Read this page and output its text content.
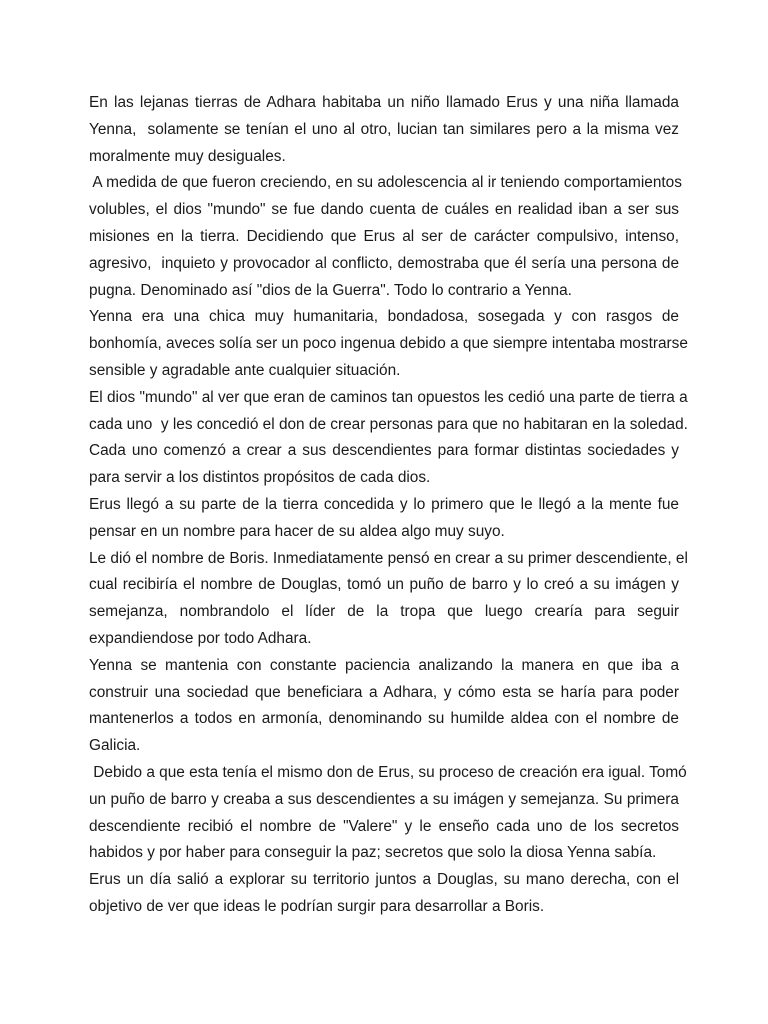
En las lejanas tierras de Adhara habitaba un niño llamado Erus y una niña llamada
Yenna,  solamente se tenían el uno al otro, lucian tan similares pero a la misma vez
moralmente muy desiguales.
A medida de que fueron creciendo, en su adolescencia al ir teniendo comportamientos
volubles, el dios "mundo" se fue dando cuenta de cuáles en realidad iban a ser sus
misiones en la tierra. Decidiendo que Erus al ser de carácter compulsivo, intenso,
agresivo,  inquieto y provocador al conflicto, demostraba que él sería una persona de
pugna. Denominado así "dios de la Guerra". Todo lo contrario a Yenna.
Yenna era una chica muy humanitaria, bondadosa, sosegada y con rasgos de
bonhomía, aveces solía ser un poco ingenua debido a que siempre intentaba mostrarse
sensible y agradable ante cualquier situación.
El dios "mundo" al ver que eran de caminos tan opuestos les cedió una parte de tierra a
cada uno  y les concedió el don de crear personas para que no habitaran en la soledad.
Cada uno comenzó a crear a sus descendientes para formar distintas sociedades y
para servir a los distintos propósitos de cada dios.
Erus llegó a su parte de la tierra concedida y lo primero que le llegó a la mente fue
pensar en un nombre para hacer de su aldea algo muy suyo.
Le dió el nombre de Boris. Inmediatamente pensó en crear a su primer descendiente, el
cual recibiría el nombre de Douglas, tomó un puño de barro y lo creó a su imágen y
semejanza, nombrandolo el líder de la tropa que luego crearía para seguir
expandiendose por todo Adhara.
Yenna se mantenia con constante paciencia analizando la manera en que iba a
construir una sociedad que beneficiara a Adhara, y cómo esta se haría para poder
mantenerlos a todos en armonía, denominando su humilde aldea con el nombre de
Galicia.
Debido a que esta tenía el mismo don de Erus, su proceso de creación era igual. Tomó
un puño de barro y creaba a sus descendientes a su imágen y semejanza. Su primera
descendiente recibió el nombre de "Valere" y le enseño cada uno de los secretos
habidos y por haber para conseguir la paz; secretos que solo la diosa Yenna sabía.
Erus un día salió a explorar su territorio juntos a Douglas, su mano derecha, con el
objetivo de ver que ideas le podrían surgir para desarrollar a Boris.
